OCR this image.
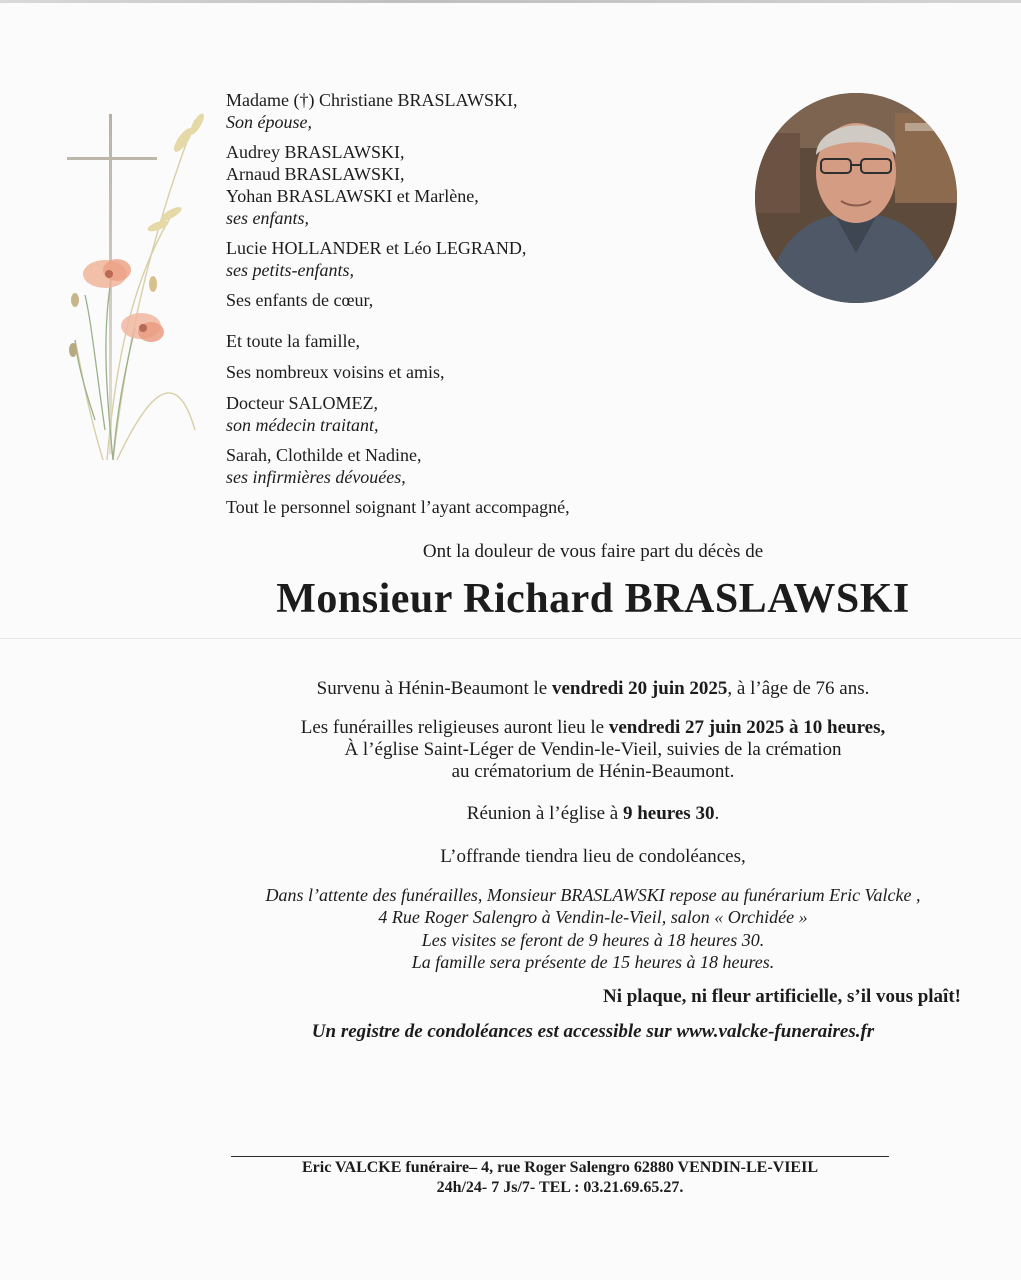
Madame (†) Christiane BRASLAWSKI,
Son épouse,
Audrey BRASLAWSKI,
Arnaud BRASLAWSKI,
Yohan BRASLAWSKI et Marlène,
ses enfants,
Lucie HOLLANDER et Léo LEGRAND,
ses petits-enfants,
Ses enfants de cœur,
Et toute la famille,
Ses nombreux voisins et amis,
Docteur SALOMEZ,
son médecin traitant,
Sarah, Clothilde et Nadine,
ses infirmières dévouées,
Tout le personnel soignant l’ayant accompagné,
Ont la douleur de vous faire part du décès de
Monsieur Richard BRASLAWSKI
Survenu à Hénin-Beaumont le vendredi 20 juin 2025, à l’âge de 76 ans.
Les funérailles religieuses auront lieu le vendredi 27 juin 2025 à 10 heures,
À l’église Saint-Léger de Vendin-le-Vieil, suivies de la crémation
au crématorium de Hénin-Beaumont.
Réunion à l’église à 9 heures 30.
L’offrande tiendra lieu de condoléances,
Dans l’attente des funérailles, Monsieur BRASLAWSKI repose au funérarium Eric Valcke ,
4 Rue Roger Salengro à Vendin-le-Vieil, salon « Orchidée »
Les visites se feront de 9 heures à 18 heures 30.
La famille sera présente de 15 heures à 18 heures.
Ni plaque, ni fleur artificielle, s’il vous plaît!
Un registre de condoléances est accessible sur www.valcke-funeraires.fr
Eric VALCKE funéraire– 4, rue Roger Salengro 62880 VENDIN-LE-VIEIL
24h/24- 7 Js/7- TEL : 03.21.69.65.27.
